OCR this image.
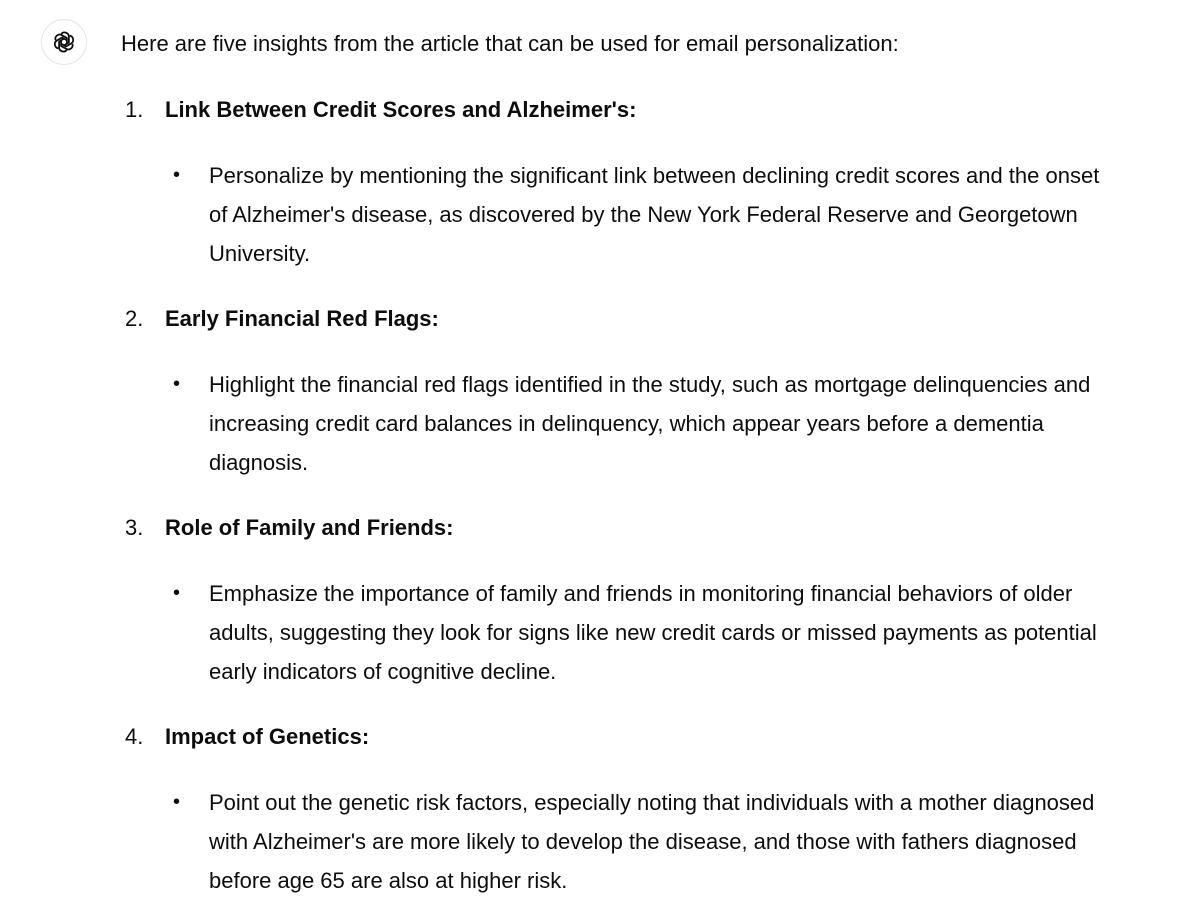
Here are five insights from the article that can be used for email personalization:

1. Link Between Credit Scores and Alzheimer's:
• Personalize by mentioning the significant link between declining credit scores and the onset of Alzheimer's disease, as discovered by the New York Federal Reserve and Georgetown University.
2. Early Financial Red Flags:
• Highlight the financial red flags identified in the study, such as mortgage delinquencies and increasing credit card balances in delinquency, which appear years before a dementia diagnosis.
3. Role of Family and Friends:
• Emphasize the importance of family and friends in monitoring financial behaviors of older adults, suggesting they look for signs like new credit cards or missed payments as potential early indicators of cognitive decline.
4. Impact of Genetics:
• Point out the genetic risk factors, especially noting that individuals with a mother diagnosed with Alzheimer's are more likely to develop the disease, and those with fathers diagnosed before age 65 are also at higher risk.
